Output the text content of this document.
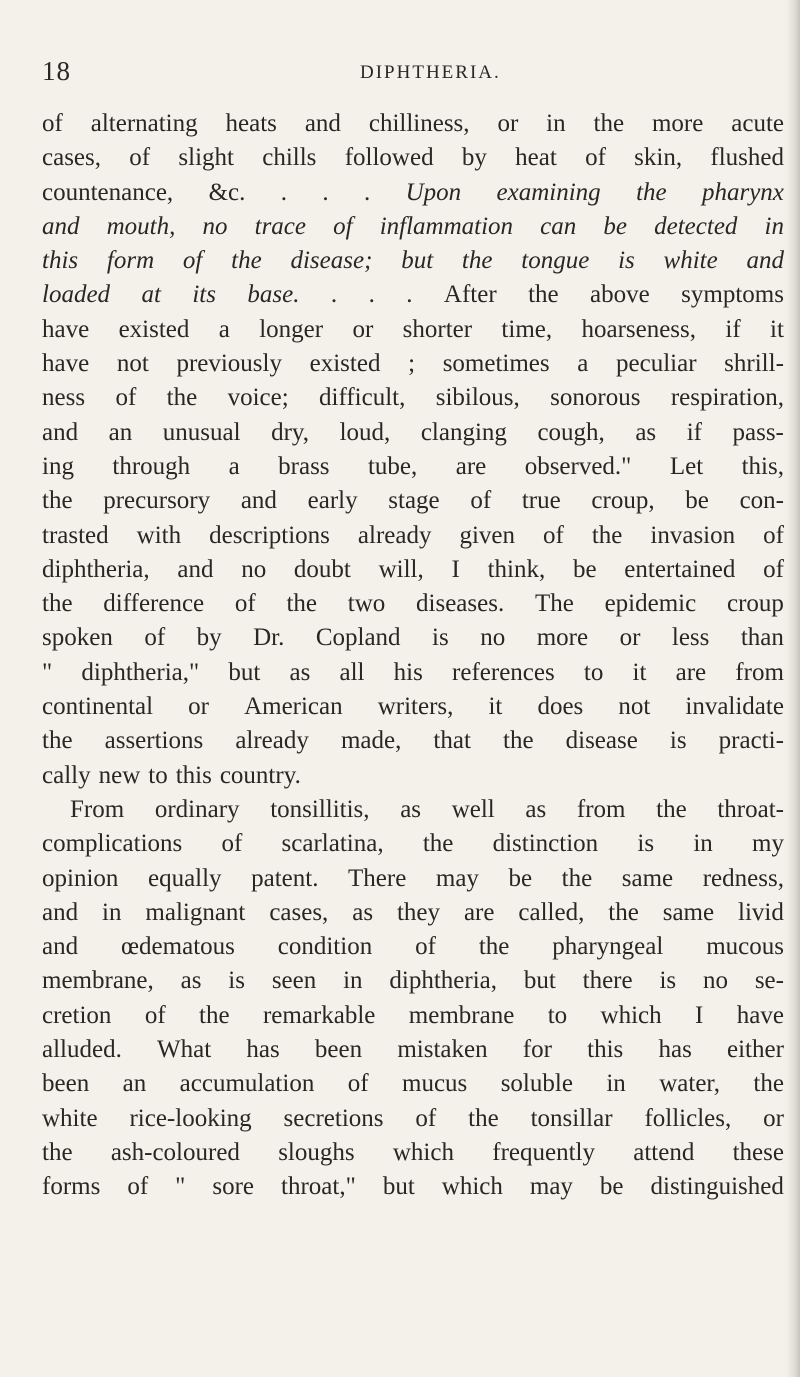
18	DIPHTHERIA.
of alternating heats and chilliness, or in the more acute
cases, of slight chills followed by heat of skin, flushed
countenance, &c. . . . Upon examining the pharynx
and mouth, no trace of inflammation can be detected in
this form of the disease; but the tongue is white and
loaded at its base. . . . After the above symptoms
have existed a longer or shorter time, hoarseness, if it
have not previously existed ; sometimes a peculiar shrill-
ness of the voice; difficult, sibilous, sonorous respiration,
and an unusual dry, loud, clanging cough, as if pass-
ing through a brass tube, are observed." Let this,
the precursory and early stage of true croup, be con-
trasted with descriptions already given of the invasion of
diphtheria, and no doubt will, I think, be entertained of
the difference of the two diseases. The epidemic croup
spoken of by Dr. Copland is no more or less than
" diphtheria," but as all his references to it are from
continental or American writers, it does not invalidate
the assertions already made, that the disease is practi-
cally new to this country.
From ordinary tonsillitis, as well as from the throat-
complications of scarlatina, the distinction is in my
opinion equally patent. There may be the same redness,
and in malignant cases, as they are called, the same livid
and œdematous condition of the pharyngeal mucous
membrane, as is seen in diphtheria, but there is no se-
cretion of the remarkable membrane to which I have
alluded. What has been mistaken for this has either
been an accumulation of mucus soluble in water, the
white rice-looking secretions of the tonsillar follicles, or
the ash-coloured sloughs which frequently attend these
forms of " sore throat," but which may be distinguished
